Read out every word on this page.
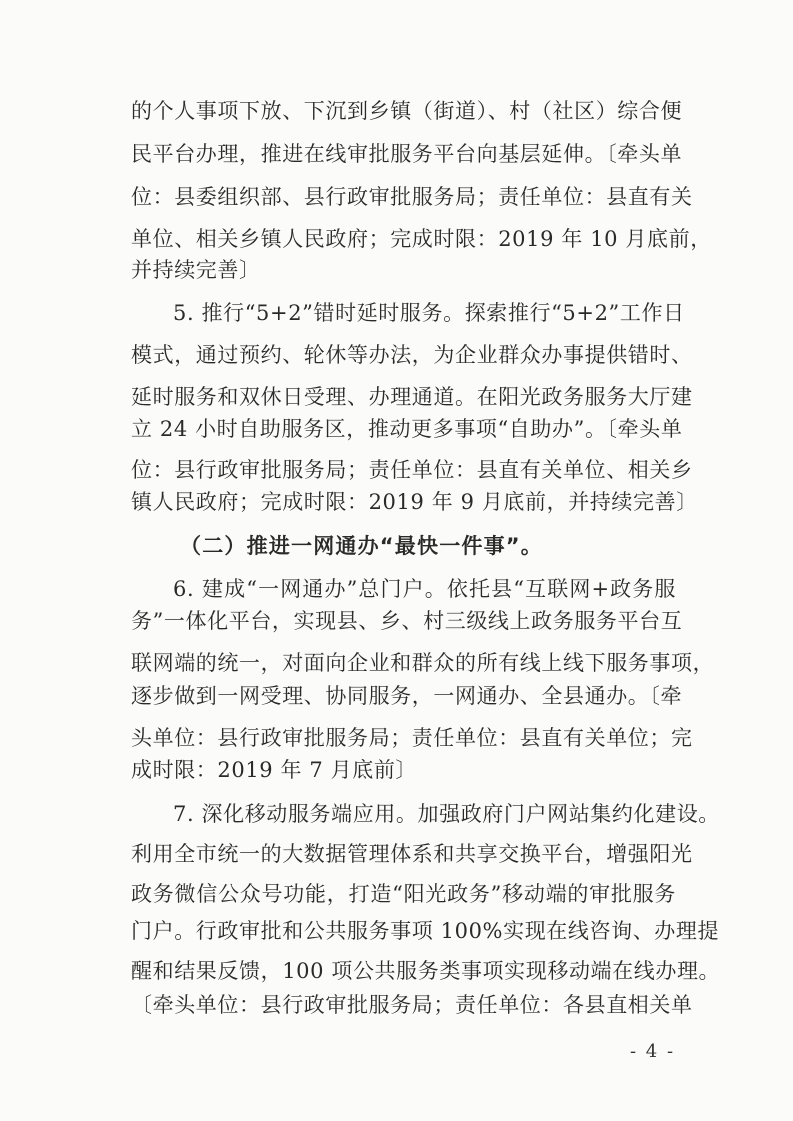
的个人事项下放、下沉到乡镇（街道）、村（社区）综合便
民平台办理，推进在线审批服务平台向基层延伸。〔牵头单
位：县委组织部、县行政审批服务局；责任单位：县直有关
单位、相关乡镇人民政府；完成时限：2019 年 10 月底前，
并持续完善〕
5. 推行“5+2”错时延时服务。探索推行“5+2”工作日
模式，通过预约、轮休等办法，为企业群众办事提供错时、
延时服务和双休日受理、办理通道。在阳光政务服务大厅建
立 24 小时自助服务区，推动更多事项“自助办”。〔牵头单
位：县行政审批服务局；责任单位：县直有关单位、相关乡
镇人民政府；完成时限：2019 年 9 月底前，并持续完善〕
（二）推进一网通办“最快一件事”。
6. 建成“一网通办”总门户。依托县“互联网+政务服
务”一体化平台，实现县、乡、村三级线上政务服务平台互
联网端的统一，对面向企业和群众的所有线上线下服务事项，
逐步做到一网受理、协同服务，一网通办、全县通办。〔牵
头单位：县行政审批服务局；责任单位：县直有关单位；完
成时限：2019 年 7 月底前〕
7. 深化移动服务端应用。加强政府门户网站集约化建设。
利用全市统一的大数据管理体系和共享交换平台，增强阳光
政务微信公众号功能，打造“阳光政务”移动端的审批服务
门户。行政审批和公共服务事项 100%实现在线咨询、办理提
醒和结果反馈，100 项公共服务类事项实现移动端在线办理。
〔牵头单位：县行政审批服务局；责任单位：各县直相关单
- 4 -
